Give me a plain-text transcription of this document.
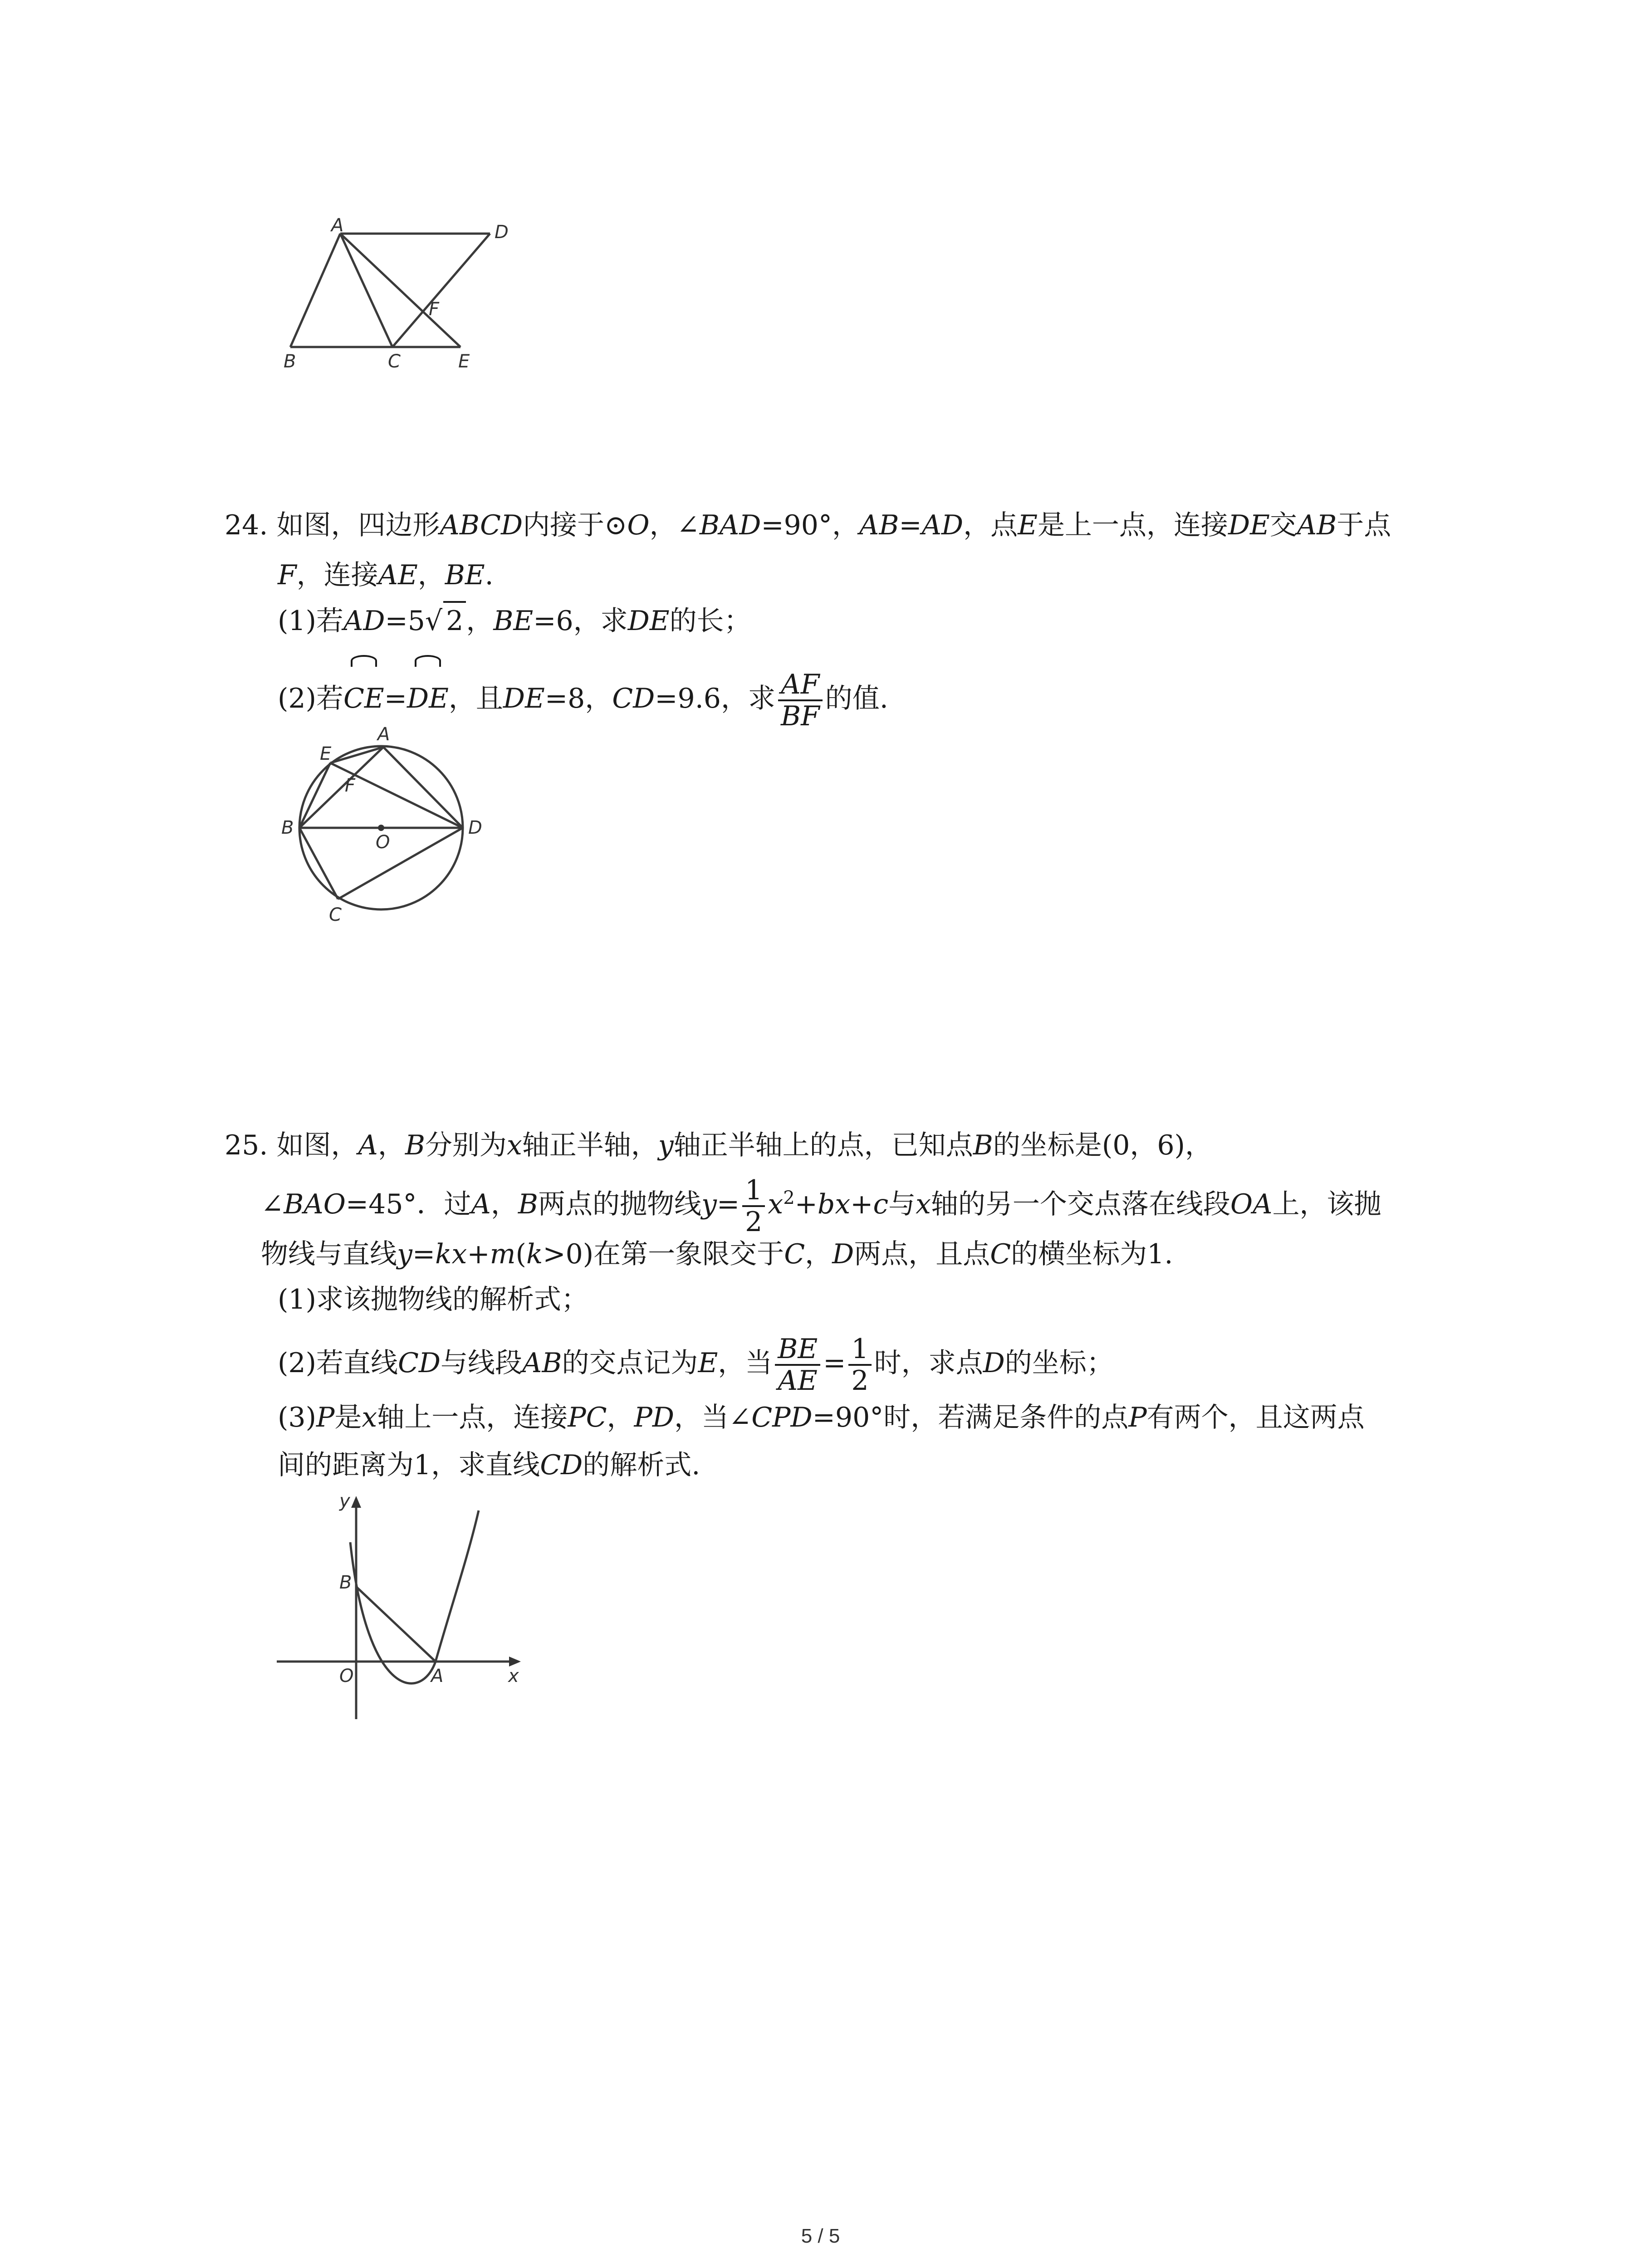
A	D
F
B	C	E
24. 如图，四边形ABCD内接于⊙O，∠BAD=90°，AB=AD，点E是上一点，连接DE交AB于点
F，连接AE，BE.
(1)若AD=5√ 2 ，BE=6，求DE的长；
(2)若CE=DE，且DE=8，CD=9.6，求 $\frac{AF}{BF}$ 的值.
A
E
F
B	D
O
C
25. 如图，A，B分别为x轴正半轴，y轴正半轴上的点，已知点B的坐标是(0，6)，
∠BAO=45°．过A，B两点的抛物线$y= \frac{1}{2} x^2+bx+c$与x轴的另一个交点落在线段OA上，该抛
物线与直线y=kx+m(k>0)在第一象限交于C，D两点，且点C的横坐标为1.
(1)求该抛物线的解析式；
(2)若直线CD与线段AB的交点记为E，当 $\frac{BE}{AE} = \frac{1}{2}$ 时，求点D的坐标；
(3)P是x轴上一点，连接PC，PD，当∠CPD=90°时，若满足条件的点P有两个，且这两点
间的距离为1，求直线CD的解析式.
y
B
O	A	x
5 / 5
